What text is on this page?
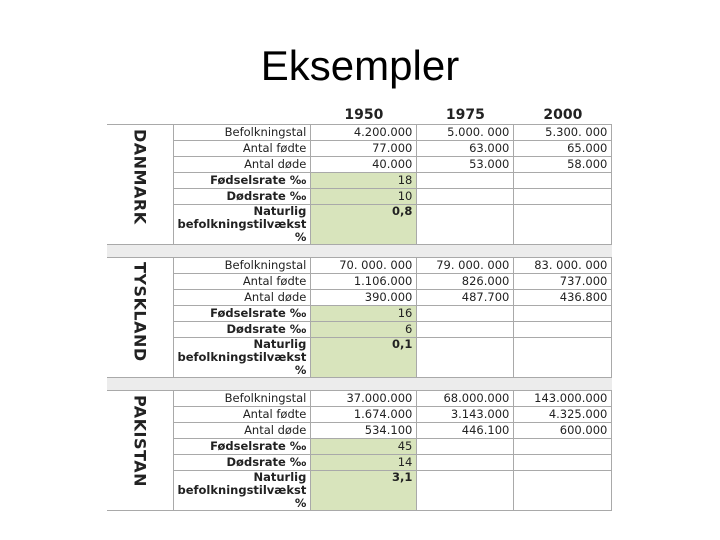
Eksempler
		1950	1975	2000
DANMARK	Befolkningstal	4.200.000	5.000. 000	5.300. 000
	Antal fødte	77.000	63.000	65.000
	Antal døde	40.000	53.000	58.000
	Fødselsrate ‰	18		
	Dødsrate ‰	10		

	Naturlig
befolkningstilvækst %	0,8		

TYSKLAND	Befolkningstal	70. 000. 000	79. 000. 000	83. 000. 000
	Antal fødte	1.106.000	826.000	737.000
	Antal døde	390.000	487.700	436.800
	Fødselsrate ‰	16		
	Dødsrate ‰	6		

	Naturlig
befolkningstilvækst %	0,1		

PAKISTAN	Befolkningstal	37.000.000	68.000.000	143.000.000
	Antal fødte	1.674.000	3.143.000	4.325.000
	Antal døde	534.100	446.100	600.000
	Fødselsrate ‰	45		
	Dødsrate ‰	14		

	Naturlig
befolkningstilvækst %	3,1		
